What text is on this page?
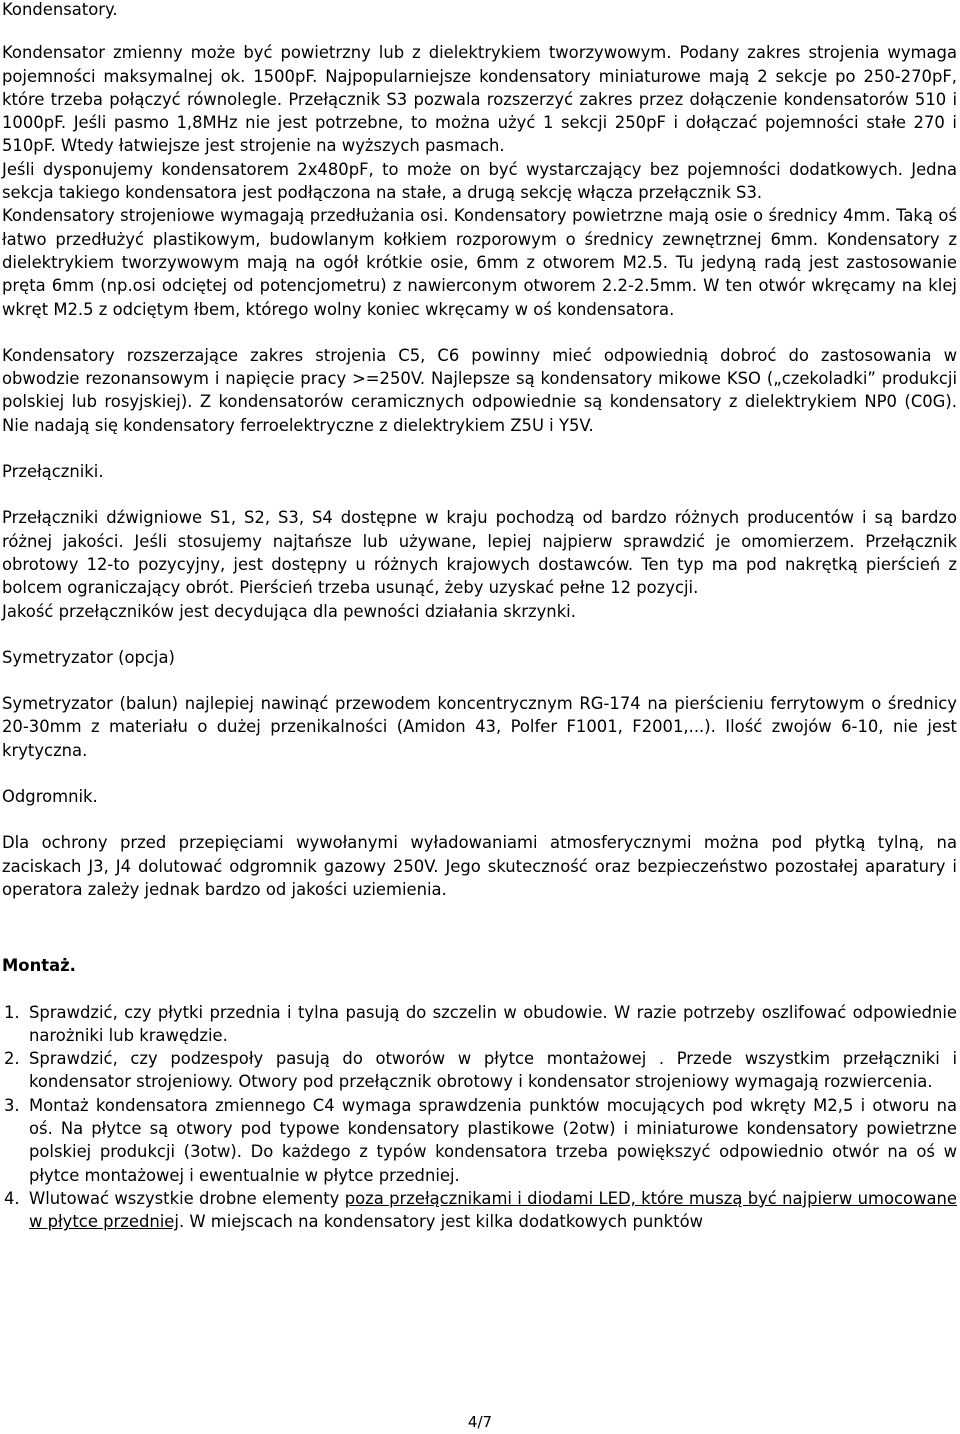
Kondensatory.

Kondensator zmienny może być powietrzny lub z dielektrykiem tworzywowym. Podany zakres strojenia wymaga pojemności maksymalnej ok. 1500pF. Najpopularniejsze kondensatory miniaturowe mają 2 sekcje po 250-270pF, które trzeba połączyć równolegle. Przełącznik S3 pozwala rozszerzyć zakres przez dołączenie kondensatorów 510 i 1000pF. Jeśli pasmo 1,8MHz nie jest potrzebne, to można użyć 1 sekcji 250pF i dołączać pojemności stałe 270 i 510pF. Wtedy łatwiejsze jest strojenie na wyższych pasmach.

Jeśli dysponujemy kondensatorem 2x480pF, to może on być wystarczający bez pojemności dodatkowych. Jedna sekcja takiego kondensatora jest podłączona na stałe, a drugą sekcję włącza przełącznik S3.

Kondensatory strojeniowe wymagają przedłużania osi. Kondensatory powietrzne mają osie o średnicy 4mm. Taką oś łatwo przedłużyć plastikowym, budowlanym kołkiem rozporowym o średnicy zewnętrznej 6mm. Kondensatory z dielektrykiem tworzywowym mają na ogół krótkie osie, 6mm z otworem M2.5. Tu jedyną radą jest zastosowanie pręta 6mm (np.osi odciętej od potencjometru) z nawierconym otworem 2.2-2.5mm. W ten otwór wkręcamy na klej wkręt M2.5 z odciętym łbem, którego wolny koniec wkręcamy w oś kondensatora.

Kondensatory rozszerzające zakres strojenia C5, C6 powinny mieć odpowiednią dobroć do zastosowania w obwodzie rezonansowym i napięcie pracy >=250V. Najlepsze są kondensatory mikowe KSO („czekoladki” produkcji polskiej lub rosyjskiej). Z kondensatorów ceramicznych odpowiednie są kondensatory z dielektrykiem NP0 (C0G). Nie nadają się kondensatory ferroelektryczne z dielektrykiem Z5U i Y5V.

Przełączniki.

Przełączniki dźwigniowe S1, S2, S3, S4 dostępne w kraju pochodzą od bardzo różnych producentów i są bardzo różnej jakości. Jeśli stosujemy najtańsze lub używane, lepiej najpierw sprawdzić je omomierzem. Przełącznik obrotowy 12-to pozycyjny, jest dostępny u różnych krajowych dostawców. Ten typ ma pod nakrętką pierścień z bolcem ograniczający obrót. Pierścień trzeba usunąć, żeby uzyskać pełne 12 pozycji.

Jakość przełączników jest decydująca dla pewności działania skrzynki.

Symetryzator (opcja)

Symetryzator (balun) najlepiej nawinąć przewodem koncentrycznym RG-174 na pierścieniu ferrytowym o średnicy 20-30mm z materiału o dużej przenikalności (Amidon 43, Polfer F1001, F2001,...). Ilość zwojów 6-10, nie jest krytyczna.

Odgromnik.

Dla ochrony przed przepięciami wywołanymi wyładowaniami atmosferycznymi można pod płytką tylną, na zaciskach J3, J4 dolutować odgromnik gazowy 250V. Jego skuteczność oraz bezpieczeństwo pozostałej aparatury i operatora zależy jednak bardzo od jakości uziemienia.

Montaż.

1. Sprawdzić, czy płytki przednia i tylna pasują do szczelin w obudowie. W razie potrzeby oszlifować odpowiednie narożniki lub krawędzie.
2. Sprawdzić, czy podzespoły pasują do otworów w płytce montażowej . Przede wszystkim przełączniki i kondensator strojeniowy. Otwory pod przełącznik obrotowy i kondensator strojeniowy wymagają rozwiercenia.
3. Montaż kondensatora zmiennego C4 wymaga sprawdzenia punktów mocujących pod wkręty M2,5 i otworu na oś. Na płytce są otwory pod typowe kondensatory plastikowe (2otw) i miniaturowe kondensatory powietrzne polskiej produkcji (3otw). Do każdego z typów kondensatora trzeba powiększyć odpowiednio otwór na oś w płytce montażowej i ewentualnie w płytce przedniej.
4. Wlutować wszystkie drobne elementy poza przełącznikami i diodami LED, które muszą być najpierw umocowane w płytce przedniej. W miejscach na kondensatory jest kilka dodatkowych punktów
4/7
